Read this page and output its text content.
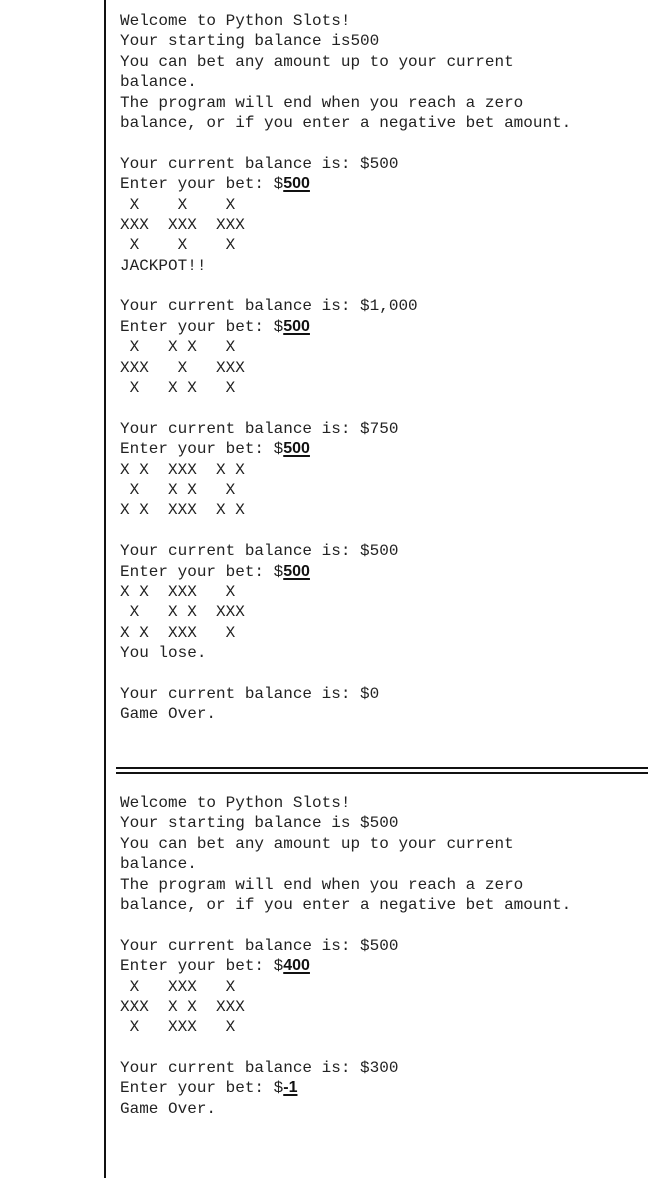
Welcome to Python Slots!
Your starting balance is500
You can bet any amount up to your current
balance.
The program will end when you reach a zero
balance, or if you enter a negative bet amount.
Your current balance is: $500
Enter your bet: $500
X    X    X
XXX  XXX  XXX
X    X    X
JACKPOT!!
Your current balance is: $1,000
Enter your bet: $500
X   X X   X
XXX   X   XXX
X   X X   X
Your current balance is: $750
Enter your bet: $500
X X  XXX  X X
X   X X   X
X X  XXX  X X
Your current balance is: $500
Enter your bet: $500
X X  XXX   X
X   X X  XXX
X X  XXX   X
You lose.
Your current balance is: $0
Game Over.
Welcome to Python Slots!
Your starting balance is $500
You can bet any amount up to your current
balance.
The program will end when you reach a zero
balance, or if you enter a negative bet amount.
Your current balance is: $500
Enter your bet: $400
X   XXX   X
XXX  X X  XXX
X   XXX   X
Your current balance is: $300
Enter your bet: $-1
Game Over.
